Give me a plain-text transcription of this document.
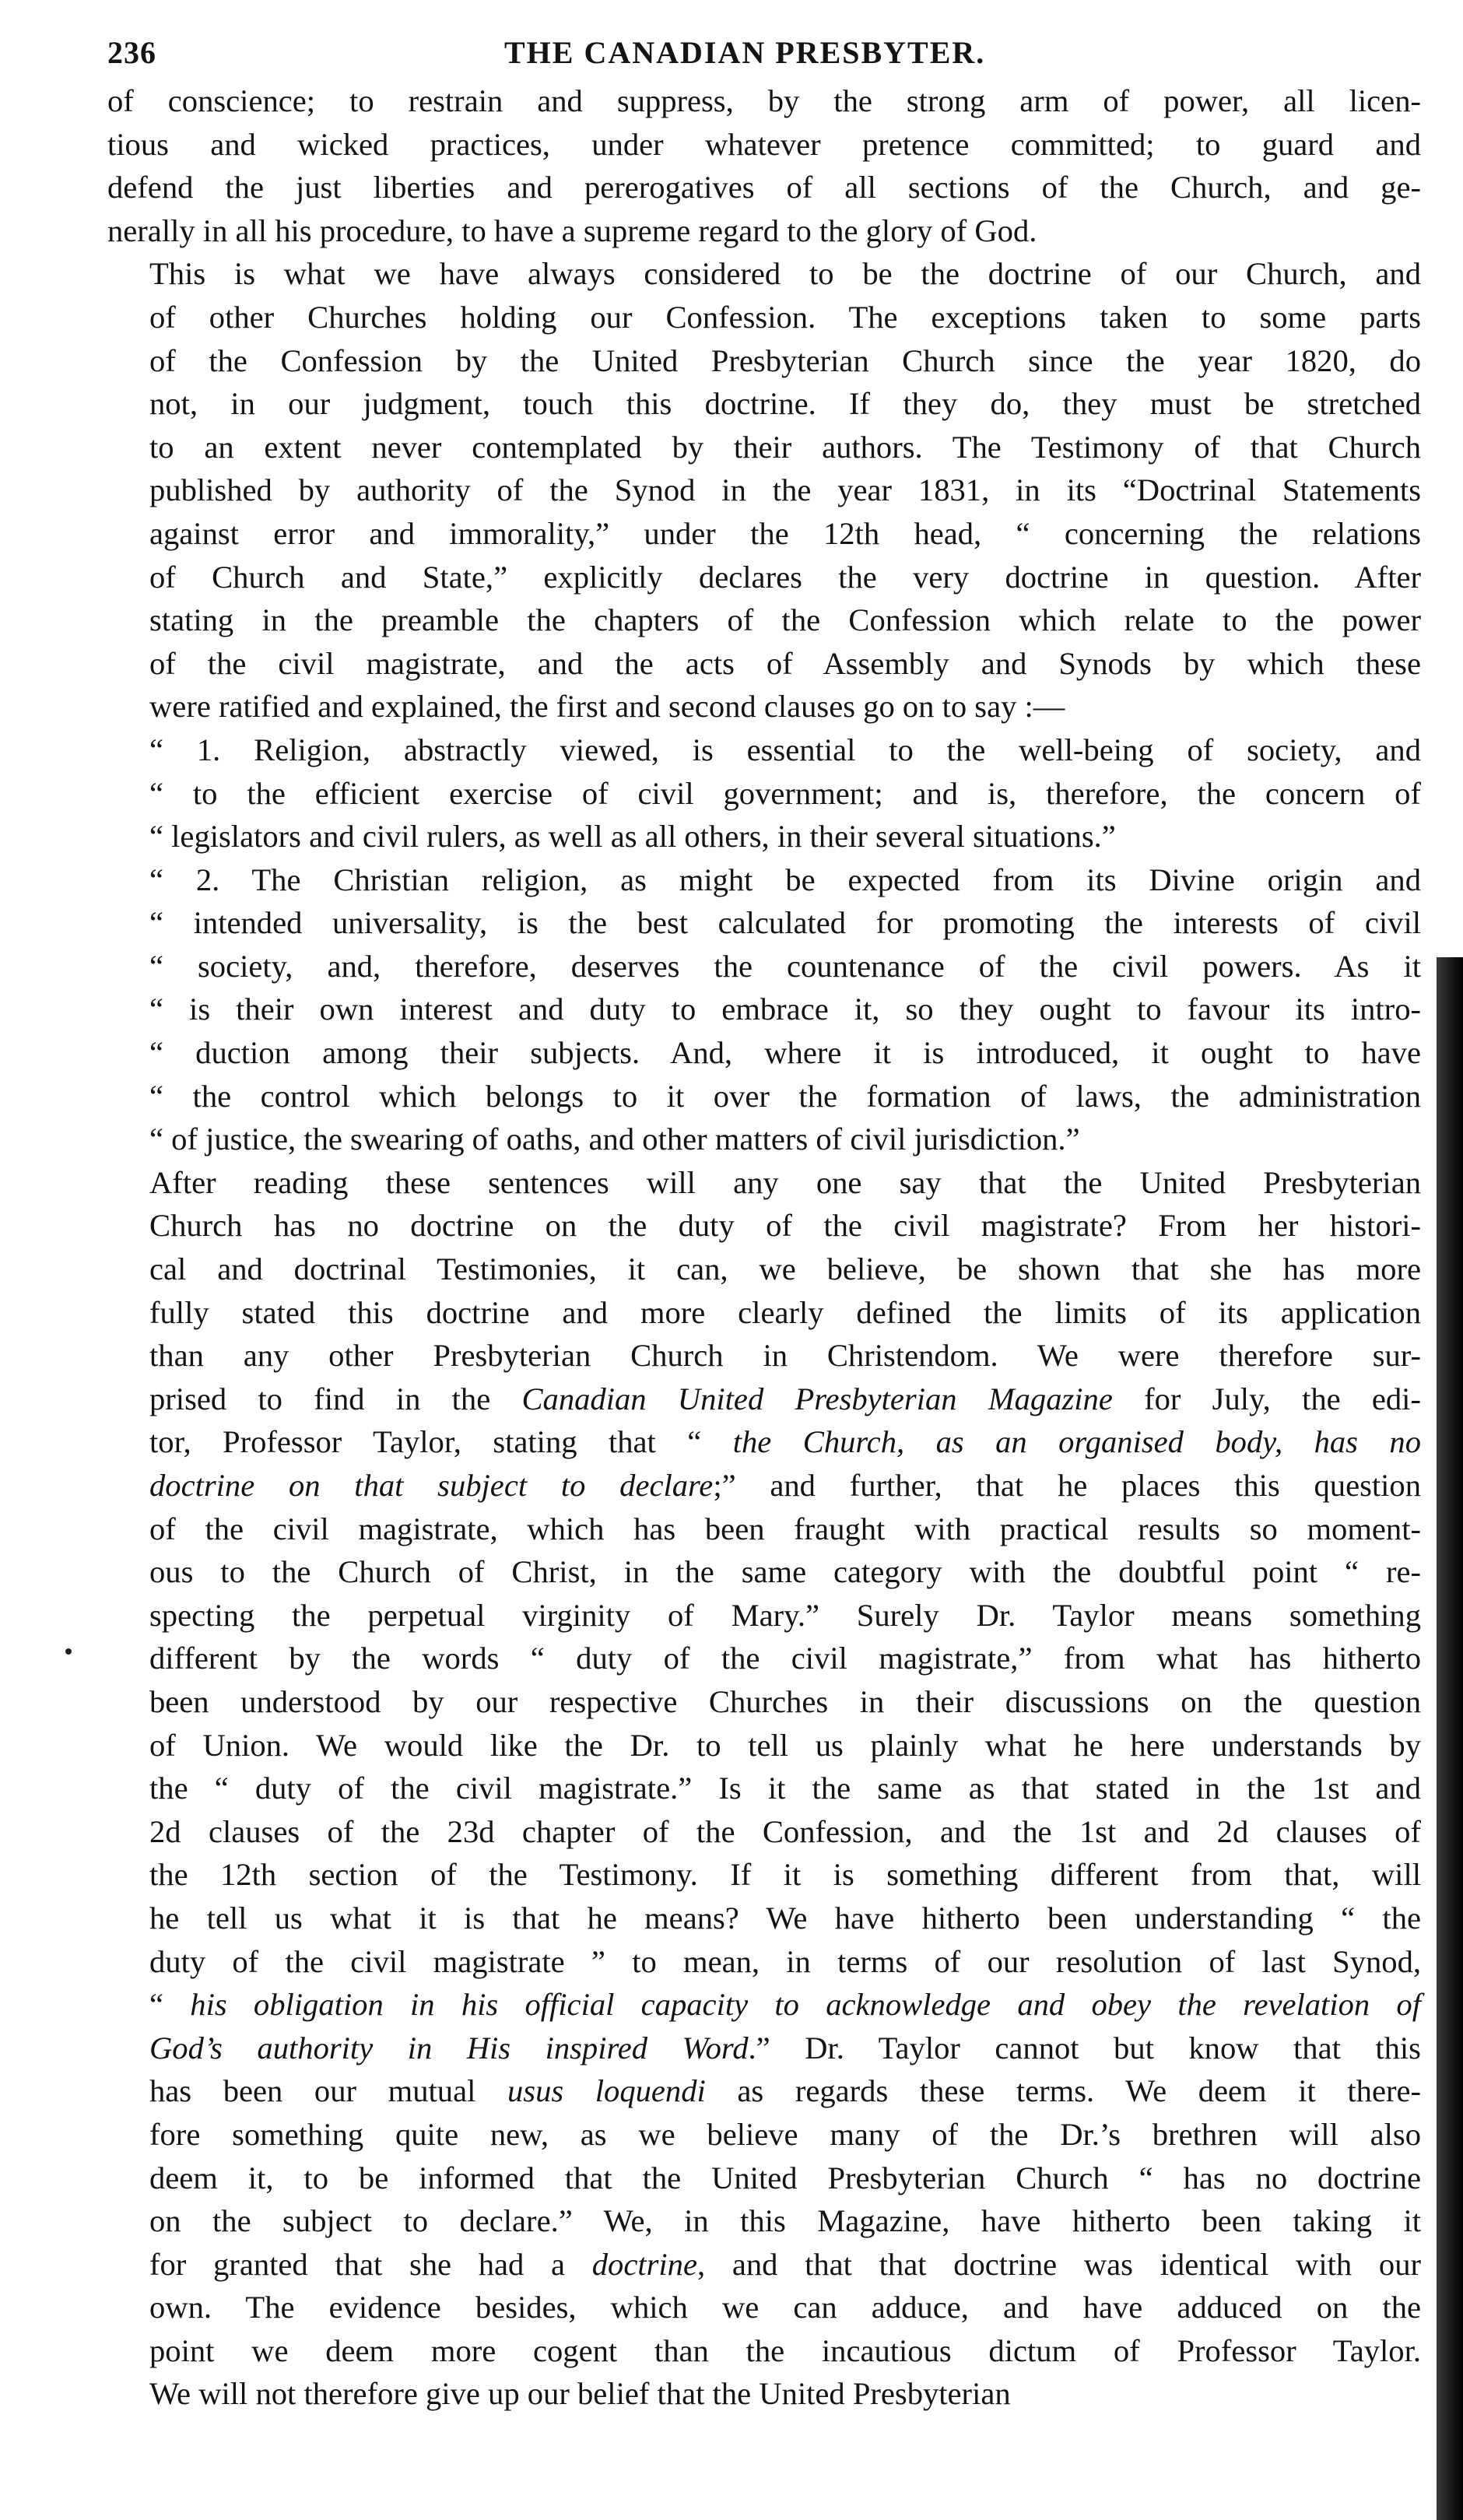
236	THE CANADIAN PRESBYTER.

of conscience; to restrain and suppress, by the strong arm of power, all licen-
tious and wicked practices, under whatever pretence committed; to guard and
defend the just liberties and pererogatives of all sections of the Church, and ge-
nerally in all his procedure, to have a supreme regard to the glory of God.

This is what we have always considered to be the doctrine of our Church, and
of other Churches holding our Confession. The exceptions taken to some parts
of the Confession by the United Presbyterian Church since the year 1820, do
not, in our judgment, touch this doctrine. If they do, they must be stretched
to an extent never contemplated by their authors. The Testimony of that Church
published by authority of the Synod in the year 1831, in its “Doctrinal Statements
against error and immorality,” under the 12th head, “ concerning the relations
of Church and State,” explicitly declares the very doctrine in question. After
stating in the preamble the chapters of the Confession which relate to the power
of the civil magistrate, and the acts of Assembly and Synods by which these
were ratified and explained, the first and second clauses go on to say :—

“ 1. Religion, abstractly viewed, is essential to the well-being of society, and
“ to the efficient exercise of civil government; and is, therefore, the concern of
“ legislators and civil rulers, as well as all others, in their several situations.”

“ 2. The Christian religion, as might be expected from its Divine origin and
“ intended universality, is the best calculated for promoting the interests of civil
“ society, and, therefore, deserves the countenance of the civil powers. As it
“ is their own interest and duty to embrace it, so they ought to favour its intro-
“ duction among their subjects. And, where it is introduced, it ought to have
“ the control which belongs to it over the formation of laws, the administration
“ of justice, the swearing of oaths, and other matters of civil jurisdiction.”

After reading these sentences will any one say that the United Presbyterian
Church has no doctrine on the duty of the civil magistrate? From her histori-
cal and doctrinal Testimonies, it can, we believe, be shown that she has more
fully stated this doctrine and more clearly defined the limits of its application
than any other Presbyterian Church in Christendom. We were therefore sur-
prised to find in the Canadian United Presbyterian Magazine for July, the edi-
tor, Professor Taylor, stating that “ the Church, as an organised body, has no
doctrine on that subject to declare;” and further, that he places this question
of the civil magistrate, which has been fraught with practical results so moment-
ous to the Church of Christ, in the same category with the doubtful point “ re-
specting the perpetual virginity of Mary.” Surely Dr. Taylor means something
different by the words “ duty of the civil magistrate,” from what has hitherto
been understood by our respective Churches in their discussions on the question
of Union. We would like the Dr. to tell us plainly what he here understands by
the “ duty of the civil magistrate.” Is it the same as that stated in the 1st and
2d clauses of the 23d chapter of the Confession, and the 1st and 2d clauses of
the 12th section of the Testimony. If it is something different from that, will
he tell us what it is that he means? We have hitherto been understanding “ the
duty of the civil magistrate ” to mean, in terms of our resolution of last Synod,
“ his obligation in his official capacity to acknowledge and obey the revelation of
God’s authority in His inspired Word.” Dr. Taylor cannot but know that this
has been our mutual usus loquendi as regards these terms. We deem it there-
fore something quite new, as we believe many of the Dr.’s brethren will also
deem it, to be informed that the United Presbyterian Church “ has no doctrine
on the subject to declare.” We, in this Magazine, have hitherto been taking it
for granted that she had a doctrine, and that that doctrine was identical with our
own. The evidence besides, which we can adduce, and have adduced on the
point we deem more cogent than the incautious dictum of Professor Taylor.
We will not therefore give up our belief that the United Presbyterian
